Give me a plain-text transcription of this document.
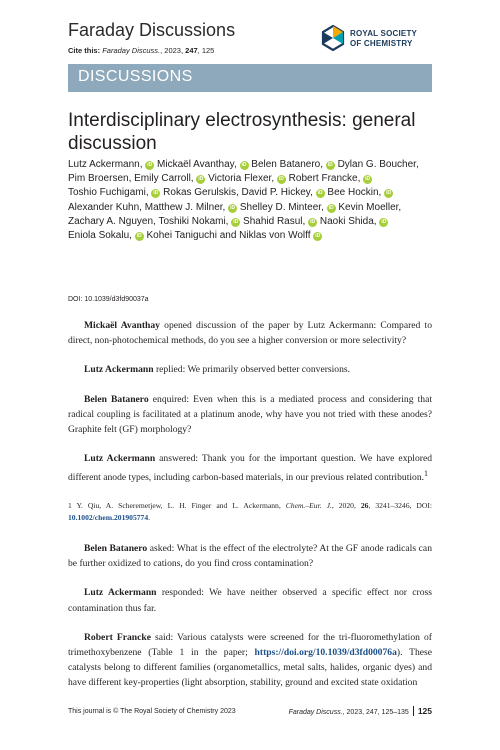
Faraday Discussions
Cite this: Faraday Discuss., 2023, 247, 125
ROYAL SOCIETY
OF CHEMISTRY
DISCUSSIONS
Interdisciplinary electrosynthesis: general discussion
Lutz Ackermann, iD Mickaël Avanthay, iD Belen Batanero, iD Dylan G. Boucher, Pim Broersen, Emily Carroll, iD Victoria Flexer, iD Robert Francke, iD Toshio Fuchigami, iD Rokas Gerulskis, David P. Hickey, iD Bee Hockin, iD Alexander Kuhn, Matthew J. Milner, iD Shelley D. Minteer, iD Kevin Moeller, Zachary A. Nguyen, Toshiki Nokami, iD Shahid Rasul, iD Naoki Shida, iD Eniola Sokalu, iD Kohei Taniguchi and Niklas von Wolff iD
DOI: 10.1039/d3fd90037a

Mickaël Avanthay opened discussion of the paper by Lutz Ackermann: Compared to direct, non-photochemical methods, do you see a higher conversion or more selectivity?

Lutz Ackermann replied: We primarily observed better conversions.

Belen Batanero enquired: Even when this is a mediated process and considering that radical coupling is facilitated at a platinum anode, why have you not tried with these anodes? Graphite felt (GF) morphology?

Lutz Ackermann answered: Thank you for the important question. We have explored different anode types, including carbon-based materials, in our previous related contribution.$^1$

1 Y. Qiu, A. Scheremetjew, L. H. Finger and L. Ackermann, Chem.–Eur. J., 2020, 26, 3241–3246, DOI: 10.1002/chem.201905774.

Belen Batanero asked: What is the effect of the electrolyte? At the GF anode radicals can be further oxidized to cations, do you find cross contamination?

Lutz Ackermann responded: We have neither observed a specific effect nor cross contamination thus far.

Robert Francke said: Various catalysts were screened for the tri-fluoromethylation of trimethoxybenzene (Table 1 in the paper; https://doi.org/10.1039/d3fd00076a). These catalysts belong to different families (organometallics, metal salts, halides, organic dyes) and have different key-properties (light absorption, stability, ground and excited state oxidation

This journal is © The Royal Society of Chemistry 2023	Faraday Discuss., 2023, 247, 125–135 125
